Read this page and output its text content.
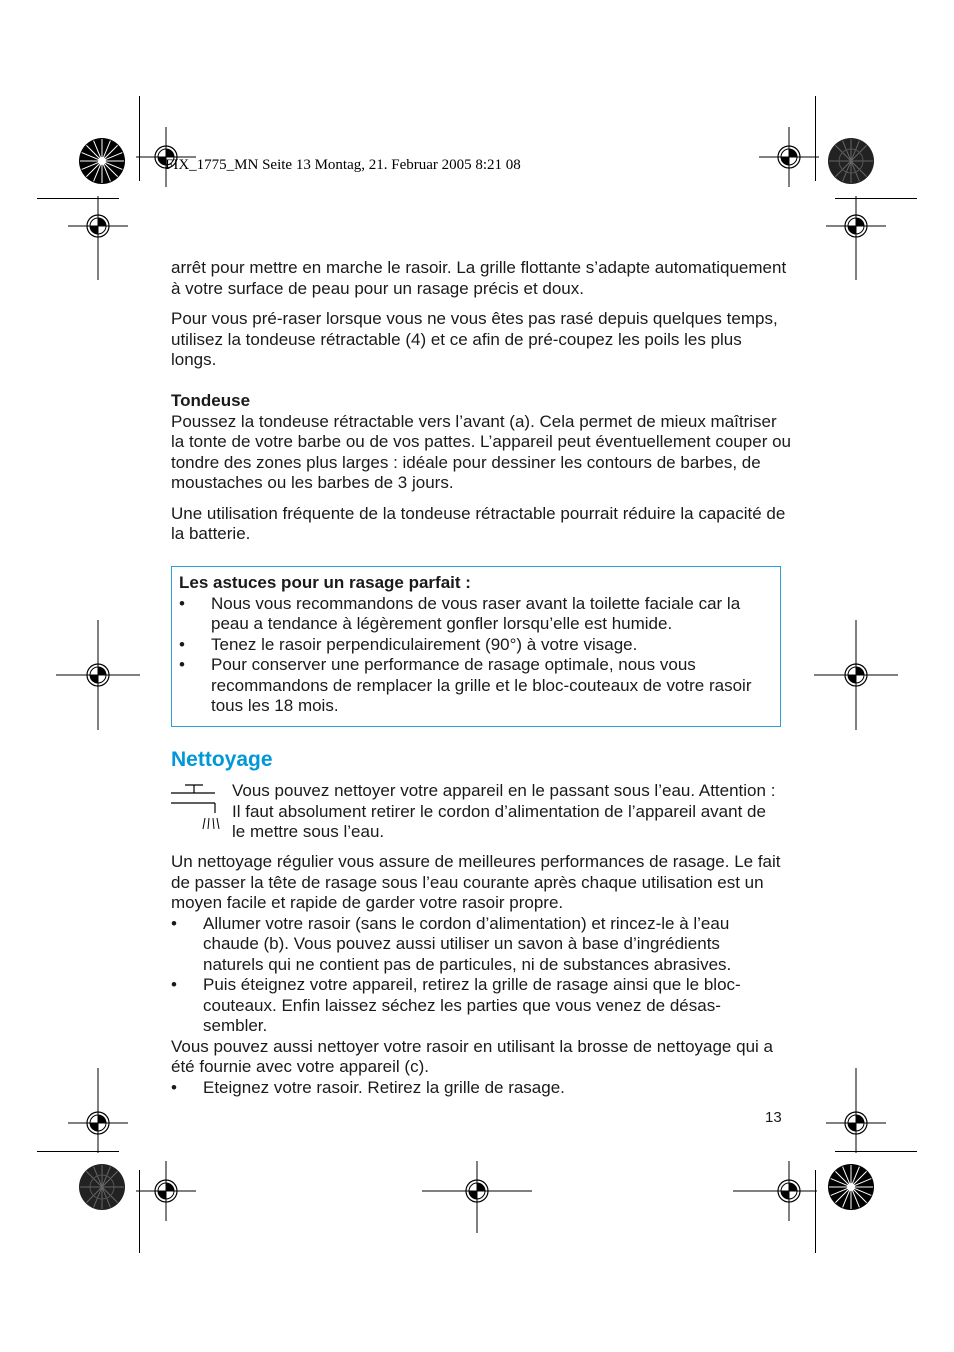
FIX_1775_MN Seite 13 Montag, 21. Februar 2005 8:21 08

arrêt pour mettre en marche le rasoir. La grille flottante s’adapte automatiquement à votre surface de peau pour un rasage précis et doux.

Pour vous pré-raser lorsque vous ne vous êtes pas rasé depuis quelques temps, utilisez la tondeuse rétractable (4) et ce afin de pré-coupez les poils les plus longs.

Tondeuse

Poussez la tondeuse rétractable vers l’avant (a). Cela permet de mieux maîtriser la tonte de votre barbe ou de vos pattes. L’appareil peut éventuellement couper ou tondre des zones plus larges : idéale pour dessiner les contours de barbes, de moustaches ou les barbes de 3 jours.

Une utilisation fréquente de la tondeuse rétractable pourrait réduire la capacité de la batterie.

Les astuces pour un rasage parfait :
• Nous vous recommandons de vous raser avant la toilette faciale car la peau a tendance à légèrement gonfler lorsqu’elle est humide.
• Tenez le rasoir perpendiculairement (90°) à votre visage.
• Pour conserver une performance de rasage optimale, nous vous recommandons de remplacer la grille et le bloc-couteaux de votre rasoir tous les 18 mois.
Nettoyage
Vous pouvez nettoyer votre appareil en le passant sous l’eau. Attention : Il faut absolument retirer le cordon d’alimentation de l’appareil avant de le mettre sous l’eau.

Un nettoyage régulier vous assure de meilleures performances de rasage. Le fait de passer la tête de rasage sous l’eau courante après chaque utilisation est un moyen facile et rapide de garder votre rasoir propre.

• Allumer votre rasoir (sans le cordon d’alimentation) et rincez-le à l’eau chaude (b). Vous pouvez aussi utiliser un savon à base d’ingrédients naturels qui ne contient pas de particules, ni de substances abrasives.
• Puis éteignez votre appareil, retirez la grille de rasage ainsi que le bloc-couteaux. Enfin laissez séchez les parties que vous venez de désas-sembler.

Vous pouvez aussi nettoyer votre rasoir en utilisant la brosse de nettoyage qui a été fournie avec votre appareil (c).

• Eteignez votre rasoir. Retirez la grille de rasage.
13
